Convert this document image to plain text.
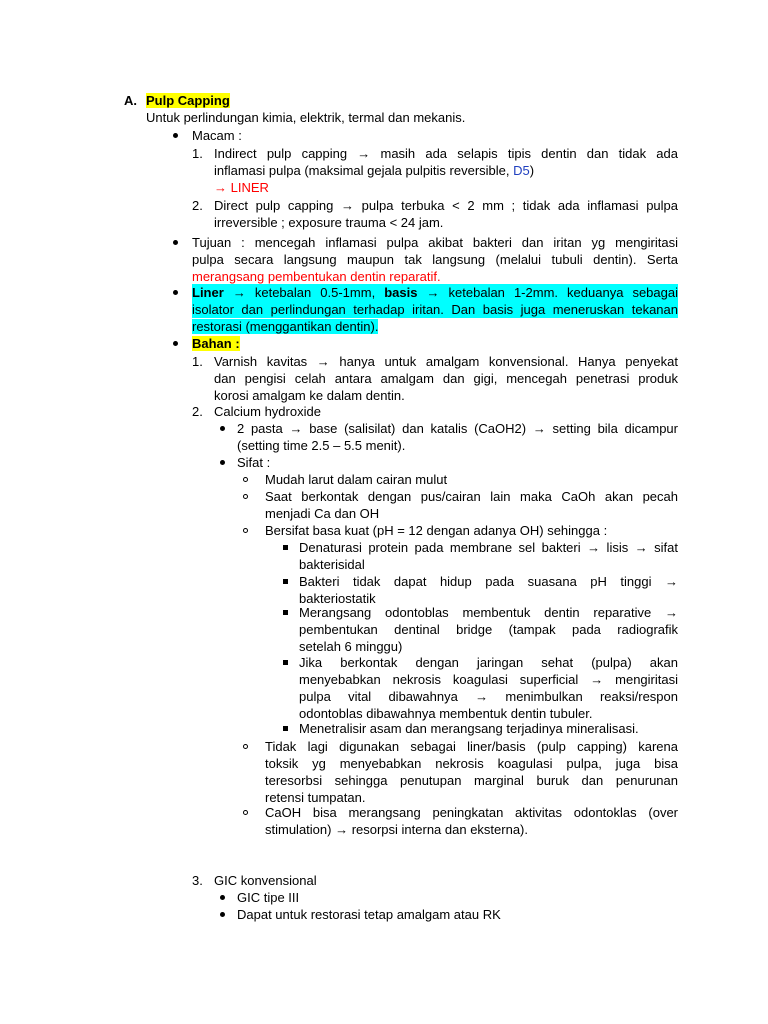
A. Pulp Capping
Untuk perlindungan kimia, elektrik, termal dan mekanis.
Macam :
1. Indirect pulp capping → masih ada selapis tipis dentin dan tidak ada
inflamasi pulpa (maksimal gejala pulpitis reversible, D5)
→ LINER
2. Direct pulp capping → pulpa terbuka < 2 mm ; tidak ada inflamasi pulpa
irreversible ; exposure trauma < 24 jam.
Tujuan : mencegah inflamasi pulpa akibat bakteri dan iritan yg mengiritasi
pulpa secara langsung maupun tak langsung (melalui tubuli dentin). Serta
merangsang pembentukan dentin reparatif.
Liner → ketebalan 0.5-1mm, basis → ketebalan 1-2mm. keduanya sebagai
isolator dan perlindungan terhadap iritan. Dan basis juga meneruskan tekanan
restorasi (menggantikan dentin).
Bahan :
1. Varnish kavitas → hanya untuk amalgam konvensional. Hanya penyekat
dan pengisi celah antara amalgam dan gigi, mencegah penetrasi produk
korosi amalgam ke dalam dentin.
2. Calcium hydroxide
2 pasta → base (salisilat) dan katalis (CaOH2) → setting bila dicampur
(setting time 2.5 – 5.5 menit).
Sifat :
Mudah larut dalam cairan mulut
Saat berkontak dengan pus/cairan lain maka CaOh akan pecah
menjadi Ca dan OH
Bersifat basa kuat (pH = 12 dengan adanya OH) sehingga :
Denaturasi protein pada membrane sel bakteri → lisis → sifat
bakterisidal
Bakteri tidak dapat hidup pada suasana pH tinggi →
bakteriostatik
Merangsang odontoblas membentuk dentin reparative →
pembentukan dentinal bridge (tampak pada radiografik
setelah 6 minggu)
Jika berkontak dengan jaringan sehat (pulpa) akan
menyebabkan nekrosis koagulasi superficial → mengiritasi
pulpa vital dibawahnya → menimbulkan reaksi/respon
odontoblas dibawahnya membentuk dentin tubuler.
Menetralisir asam dan merangsang terjadinya mineralisasi.
Tidak lagi digunakan sebagai liner/basis (pulp capping) karena
toksik yg menyebabkan nekrosis koagulasi pulpa, juga bisa
teresorbsi sehingga penutupan marginal buruk dan penurunan
retensi tumpatan.
CaOH bisa merangsang peningkatan aktivitas odontoklas (over
stimulation) → resorpsi interna dan eksterna).
3. GIC konvensional
GIC tipe III
Dapat untuk restorasi tetap amalgam atau RK
